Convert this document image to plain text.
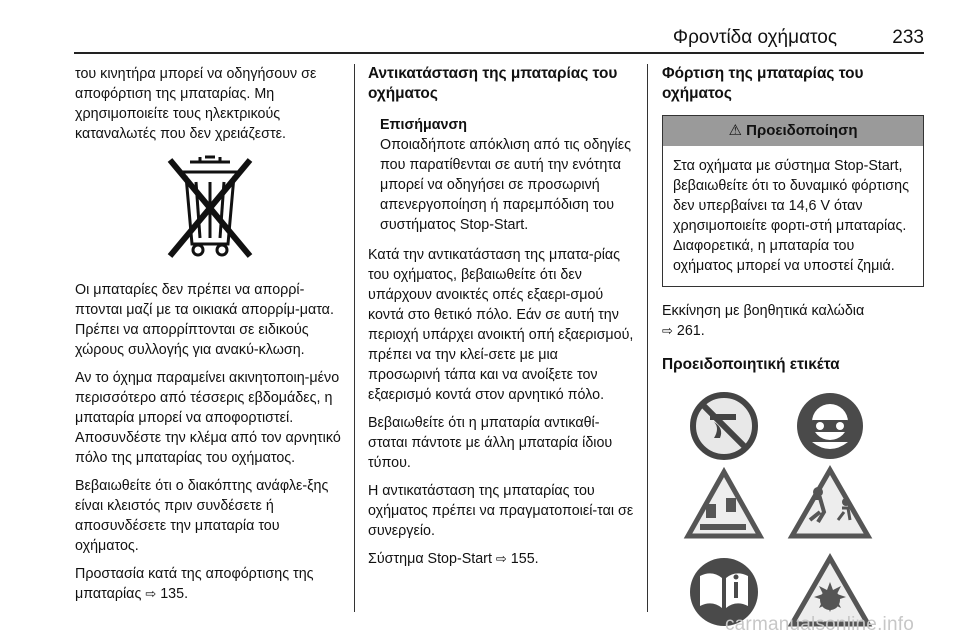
Φροντίδα οχήματος	233

του κινητήρα μπορεί να οδηγήσουν σε αποφόρτιση της μπαταρίας. Μη χρησιμοποιείτε τους ηλεκτρικούς καταναλωτές που δεν χρειάζεστε.

Οι μπαταρίες δεν πρέπει να απορρί-πτονται μαζί με τα οικιακά απορρίμ-ματα. Πρέπει να απορρίπτονται σε ειδικούς χώρους συλλογής για ανακύ-κλωση.

Αν το όχημα παραμείνει ακινητοποιη-μένο περισσότερο από τέσσερις εβδομάδες, η μπαταρία μπορεί να αποφορτιστεί. Αποσυνδέστε την κλέμα από τον αρνητικό πόλο της μπαταρίας του οχήματος.

Βεβαιωθείτε ότι ο διακόπτης ανάφλε-ξης είναι κλειστός πριν συνδέσετε ή αποσυνδέσετε την μπαταρία του οχήματος.

Προστασία κατά της αποφόρτισης της μπαταρίας ⇨ 135.

Αντικατάσταση της μπαταρίας του οχήματος
Επισήμανση
Οποιαδήποτε απόκλιση από τις οδηγίες που παρατίθενται σε αυτή την ενότητα μπορεί να οδηγήσει σε προσωρινή απενεργοποίηση ή παρεμπόδιση του συστήματος Stop-Start.

Κατά την αντικατάσταση της μπατα-ρίας του οχήματος, βεβαιωθείτε ότι δεν υπάρχουν ανοικτές οπές εξαερι-σμού κοντά στο θετικό πόλο. Εάν σε αυτή την περιοχή υπάρχει ανοικτή οπή εξαερισμού, πρέπει να την κλεί-σετε με μια προσωρινή τάπα και να ανοίξετε τον εξαερισμό κοντά στον αρνητικό πόλο.

Βεβαιωθείτε ότι η μπαταρία αντικαθί-σταται πάντοτε με άλλη μπαταρία ίδιου τύπου.

Η αντικατάσταση της μπαταρίας του οχήματος πρέπει να πραγματοποιεί-ται σε συνεργείο.

Σύστημα Stop-Start ⇨ 155.

Φόρτιση της μπαταρίας του οχήματος
⚠ Προειδοποίηση
Στα οχήματα με σύστημα Stop-Start, βεβαιωθείτε ότι το δυναμικό φόρτισης δεν υπερβαίνει τα 14,6 V όταν χρησιμοποιείτε φορτι-στή μπαταρίας. Διαφορετικά, η μπαταρία του οχήματος μπορεί να υποστεί ζημιά.

Εκκίνηση με βοηθητικά καλώδια
⇨ 261.

Προειδοποιητική ετικέτα
carmanualsonline.info
